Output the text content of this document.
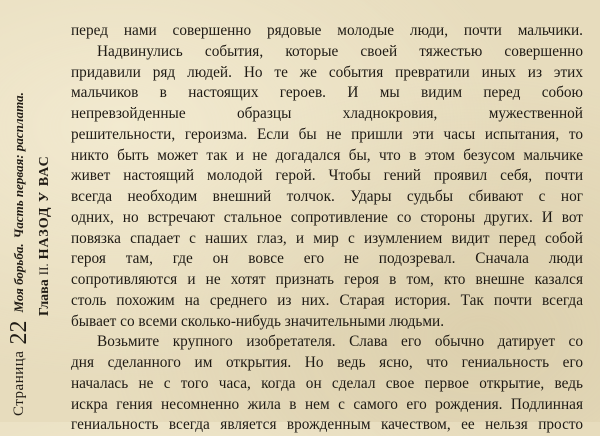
Страница
22
Моя борьба.
Часть первая: расплата.
Глава
II.
НАЗОД У ВАС
перед нами совершенно рядовые молодые люди, почти мальчики.
Надвинулись события, которые своей тяжестью совершенно
придавили ряд людей. Но те же события превратили иных из этих
мальчиков в настоящих героев. И мы видим перед собою
непревзойденные образцы хладнокровия, мужественной
решительности, героизма. Если бы не пришли эти часы испытания, то
никто быть может так и не догадался бы, что в этом безусом мальчике
живет настоящий молодой герой. Чтобы гений проявил себя, почти
всегда необходим внешний толчок. Удары судьбы сбивают с ног
одних, но встречают стальное сопротивление со стороны других. И вот
повязка спадает с наших глаз, и мир с изумлением видит перед собой
героя там, где он вовсе его не подозревал. Сначала люди
сопротивляются и не хотят признать героя в том, кто внешне казался
столь похожим на среднего из них. Старая история. Так почти всегда
бывает со всеми сколько-нибудь значительными людьми.
Возьмите крупного изобретателя. Слава его обычно датирует со
дня сделанного им открытия. Но ведь ясно, что гениальность его
началась не с того часа, когда он сделал свое первое открытие, ведь
искра гения несомненно жила в нем с самого его рождения. Подлинная
гениальность всегда является врожденным качеством, ее нельзя просто
